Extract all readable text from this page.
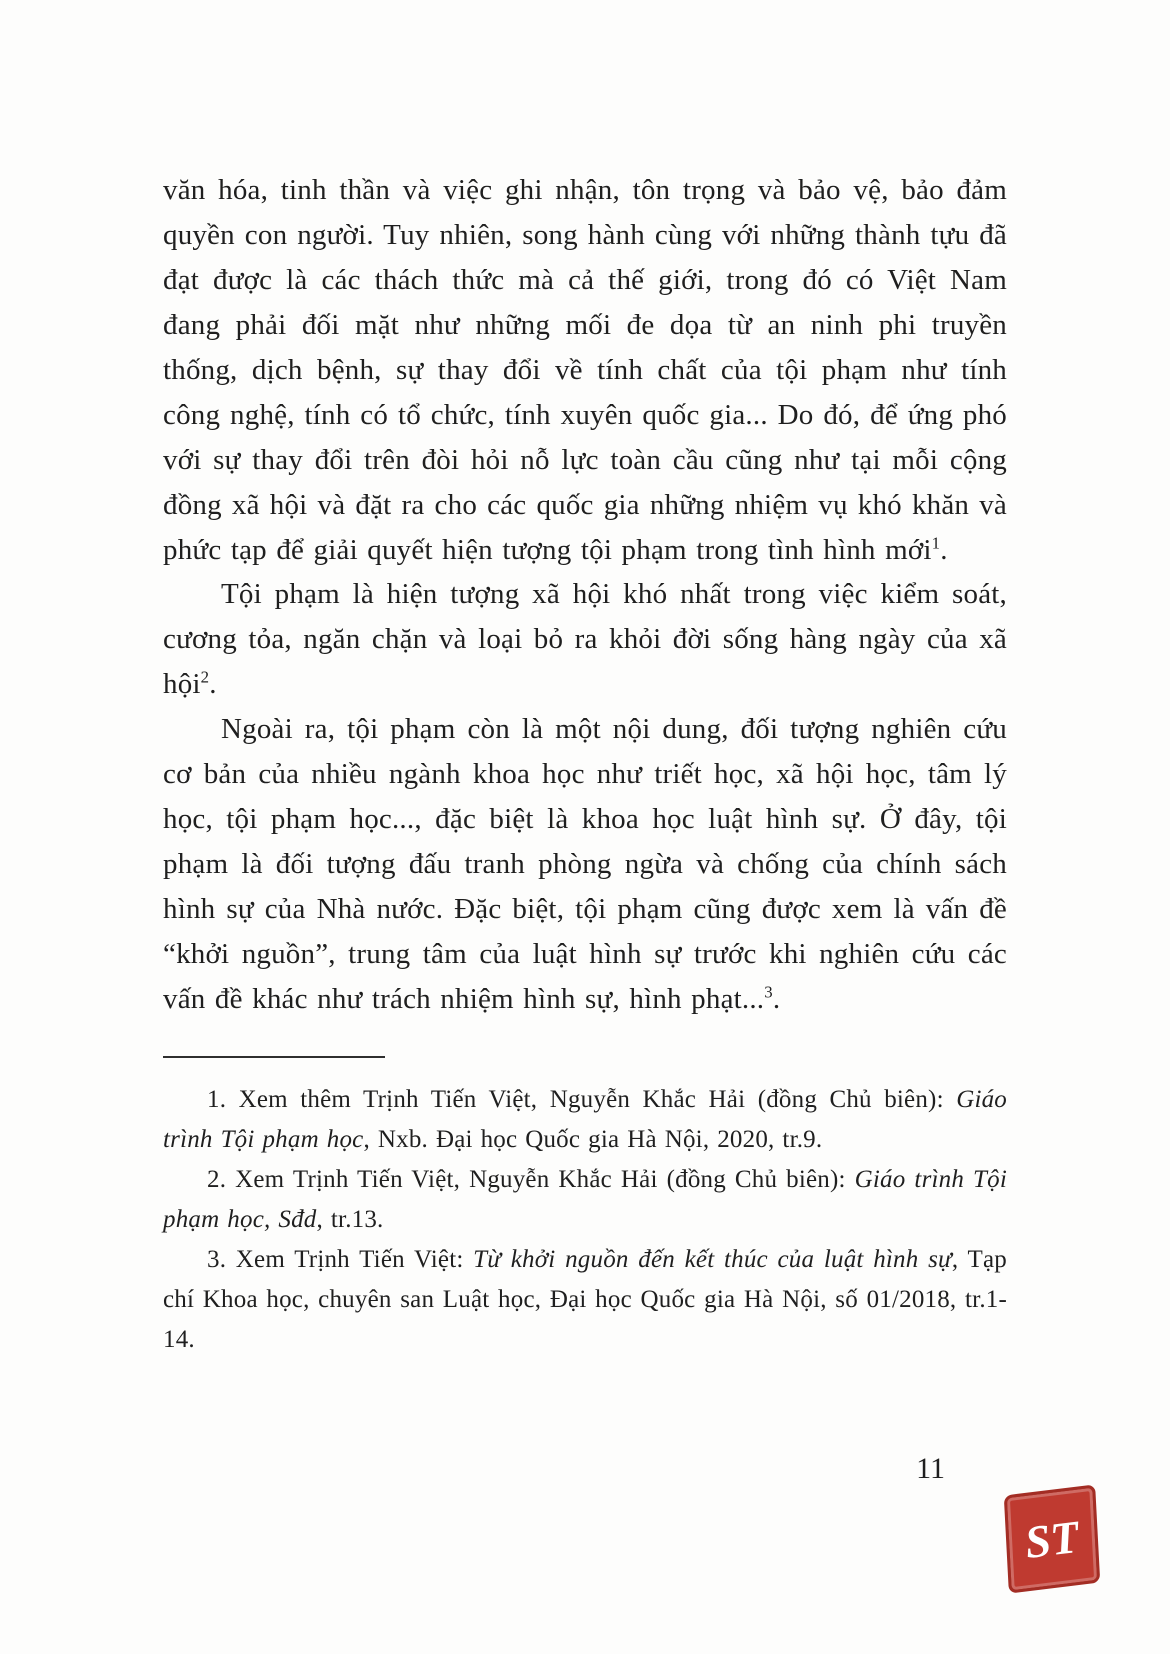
văn hóa, tinh thần và việc ghi nhận, tôn trọng và bảo vệ, bảo đảm quyền con người. Tuy nhiên, song hành cùng với những thành tựu đã đạt được là các thách thức mà cả thế giới, trong đó có Việt Nam đang phải đối mặt như những mối đe dọa từ an ninh phi truyền thống, dịch bệnh, sự thay đổi về tính chất của tội phạm như tính công nghệ, tính có tổ chức, tính xuyên quốc gia... Do đó, để ứng phó với sự thay đổi trên đòi hỏi nỗ lực toàn cầu cũng như tại mỗi cộng đồng xã hội và đặt ra cho các quốc gia những nhiệm vụ khó khăn và phức tạp để giải quyết hiện tượng tội phạm trong tình hình mới$^1$.

Tội phạm là hiện tượng xã hội khó nhất trong việc kiểm soát, cương tỏa, ngăn chặn và loại bỏ ra khỏi đời sống hàng ngày của xã hội$^2$.

Ngoài ra, tội phạm còn là một nội dung, đối tượng nghiên cứu cơ bản của nhiều ngành khoa học như triết học, xã hội học, tâm lý học, tội phạm học..., đặc biệt là khoa học luật hình sự. Ở đây, tội phạm là đối tượng đấu tranh phòng ngừa và chống của chính sách hình sự của Nhà nước. Đặc biệt, tội phạm cũng được xem là vấn đề “khởi nguồn”, trung tâm của luật hình sự trước khi nghiên cứu các vấn đề khác như trách nhiệm hình sự, hình phạt...$^3$.

1. Xem thêm Trịnh Tiến Việt, Nguyễn Khắc Hải (đồng Chủ biên): Giáo trình Tội phạm học, Nxb. Đại học Quốc gia Hà Nội, 2020, tr.9.

2. Xem Trịnh Tiến Việt, Nguyễn Khắc Hải (đồng Chủ biên): Giáo trình Tội phạm học, Sđd, tr.13.

3. Xem Trịnh Tiến Việt: Từ khởi nguồn đến kết thúc của luật hình sự, Tạp chí Khoa học, chuyên san Luật học, Đại học Quốc gia Hà Nội, số 01/2018, tr.1-14.

11
ST
